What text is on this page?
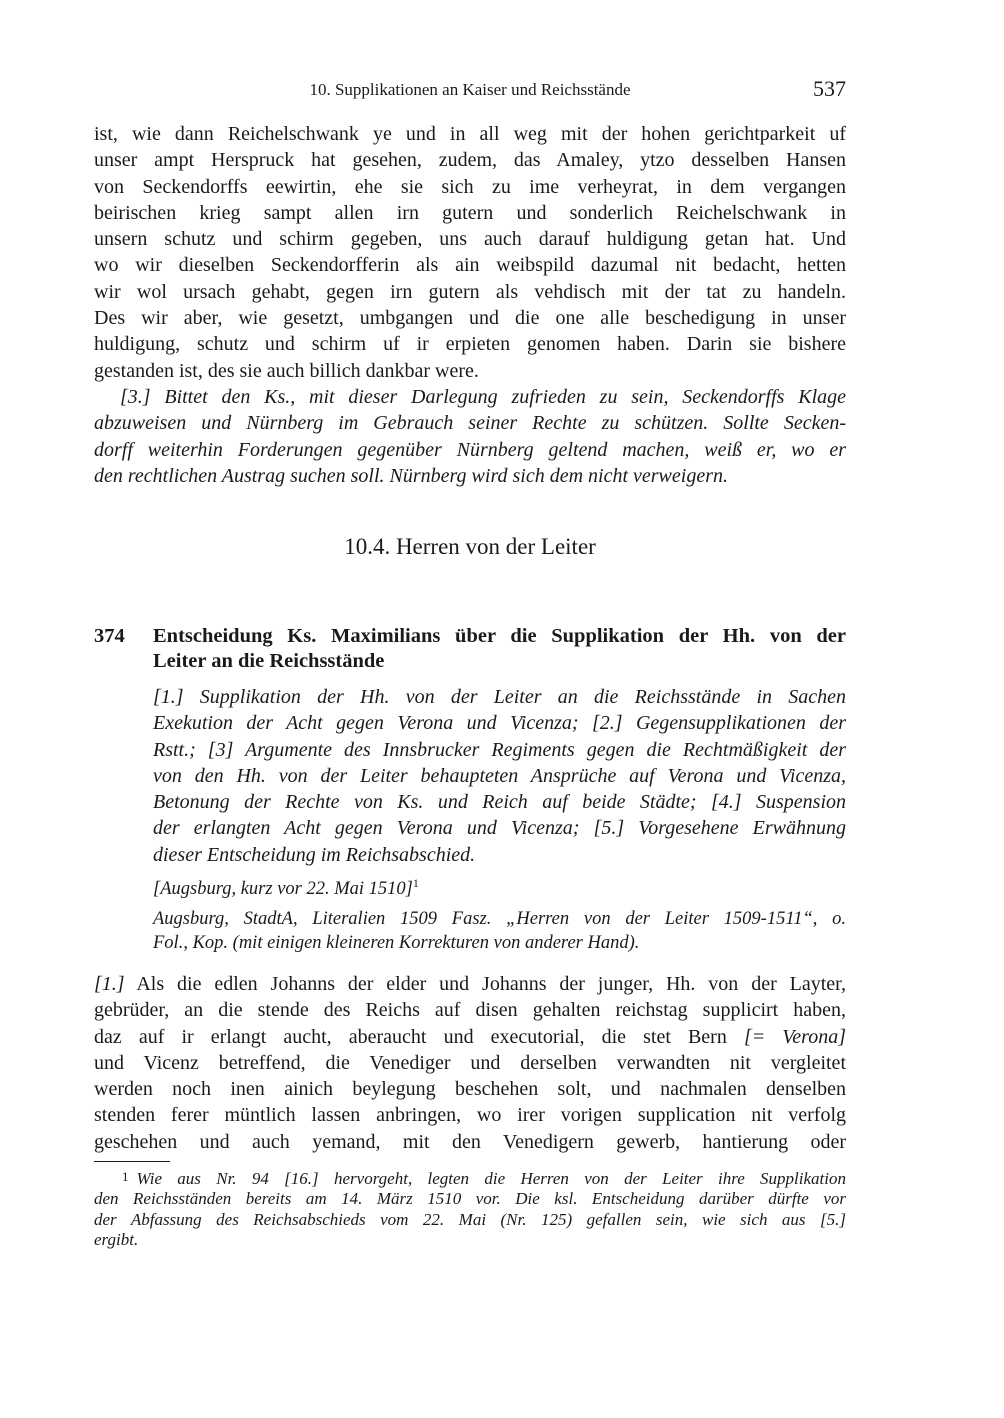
10. Supplikationen an Kaiser und Reichsstände	537
ist, wie dann Reichelschwank ye und in all weg mit der hohen gerichtparkeit uf
unser ampt Herspruck hat gesehen, zudem, das Amaley, ytzo desselben Hansen
von Seckendorffs eewirtin, ehe sie sich zu ime verheyrat, in dem vergangen
beirischen krieg sampt allen irn gutern und sonderlich Reichelschwank in
unsern schutz und schirm gegeben, uns auch darauf huldigung getan hat. Und
wo wir dieselben Seckendorfferin als ain weibspild dazumal nit bedacht, hetten
wir wol ursach gehabt, gegen irn gutern als vehdisch mit der tat zu handeln.
Des wir aber, wie gesetzt, umbgangen und die one alle beschedigung in unser
huldigung, schutz und schirm uf ir erpieten genomen haben. Darin sie bishere
gestanden ist, des sie auch billich dankbar were.
[3.] Bittet den Ks., mit dieser Darlegung zufrieden zu sein, Seckendorffs Klage
abzuweisen und Nürnberg im Gebrauch seiner Rechte zu schützen. Sollte Secken-
dorff weiterhin Forderungen gegenüber Nürnberg geltend machen, weiß er, wo er
den rechtlichen Austrag suchen soll. Nürnberg wird sich dem nicht verweigern.
10.4. Herren von der Leiter
374 Entscheidung Ks. Maximilians über die Supplikation der Hh. von der
Leiter an die Reichsstände
[1.] Supplikation der Hh. von der Leiter an die Reichsstände in Sachen
Exekution der Acht gegen Verona und Vicenza; [2.] Gegensupplikationen der
Rstt.; [3] Argumente des Innsbrucker Regiments gegen die Rechtmäßigkeit der
von den Hh. von der Leiter behaupteten Ansprüche auf Verona und Vicenza,
Betonung der Rechte von Ks. und Reich auf beide Städte; [4.] Suspension
der erlangten Acht gegen Verona und Vicenza; [5.] Vorgesehene Erwähnung
dieser Entscheidung im Reichsabschied.
[Augsburg, kurz vor 22. Mai 1510]$^1$
Augsburg, StadtA, Literalien 1509 Fasz. „Herren von der Leiter 1509-1511“, o.
Fol., Kop. (mit einigen kleineren Korrekturen von anderer Hand).
[1.] Als die edlen Johanns der elder und Johanns der junger, Hh. von der Layter,
gebrüder, an die stende des Reichs auf disen gehalten reichstag supplicirt haben,
daz auf ir erlangt aucht, aberaucht und executorial, die stet Bern [= Verona]
und Vicenz betreffend, die Venediger und derselben verwandten nit vergleitet
werden noch inen ainich beylegung beschehen solt, und nachmalen denselben
stenden ferer müntlich lassen anbringen, wo irer vorigen supplication nit verfolg
geschehen und auch yemand, mit den Venedigern gewerb, hantierung oder
1 Wie aus Nr. 94 [16.] hervorgeht, legten die Herren von der Leiter ihre Supplikation
den Reichsständen bereits am 14. März 1510 vor. Die ksl. Entscheidung darüber dürfte vor
der Abfassung des Reichsabschieds vom 22. Mai (Nr. 125) gefallen sein, wie sich aus [5.]
ergibt.
